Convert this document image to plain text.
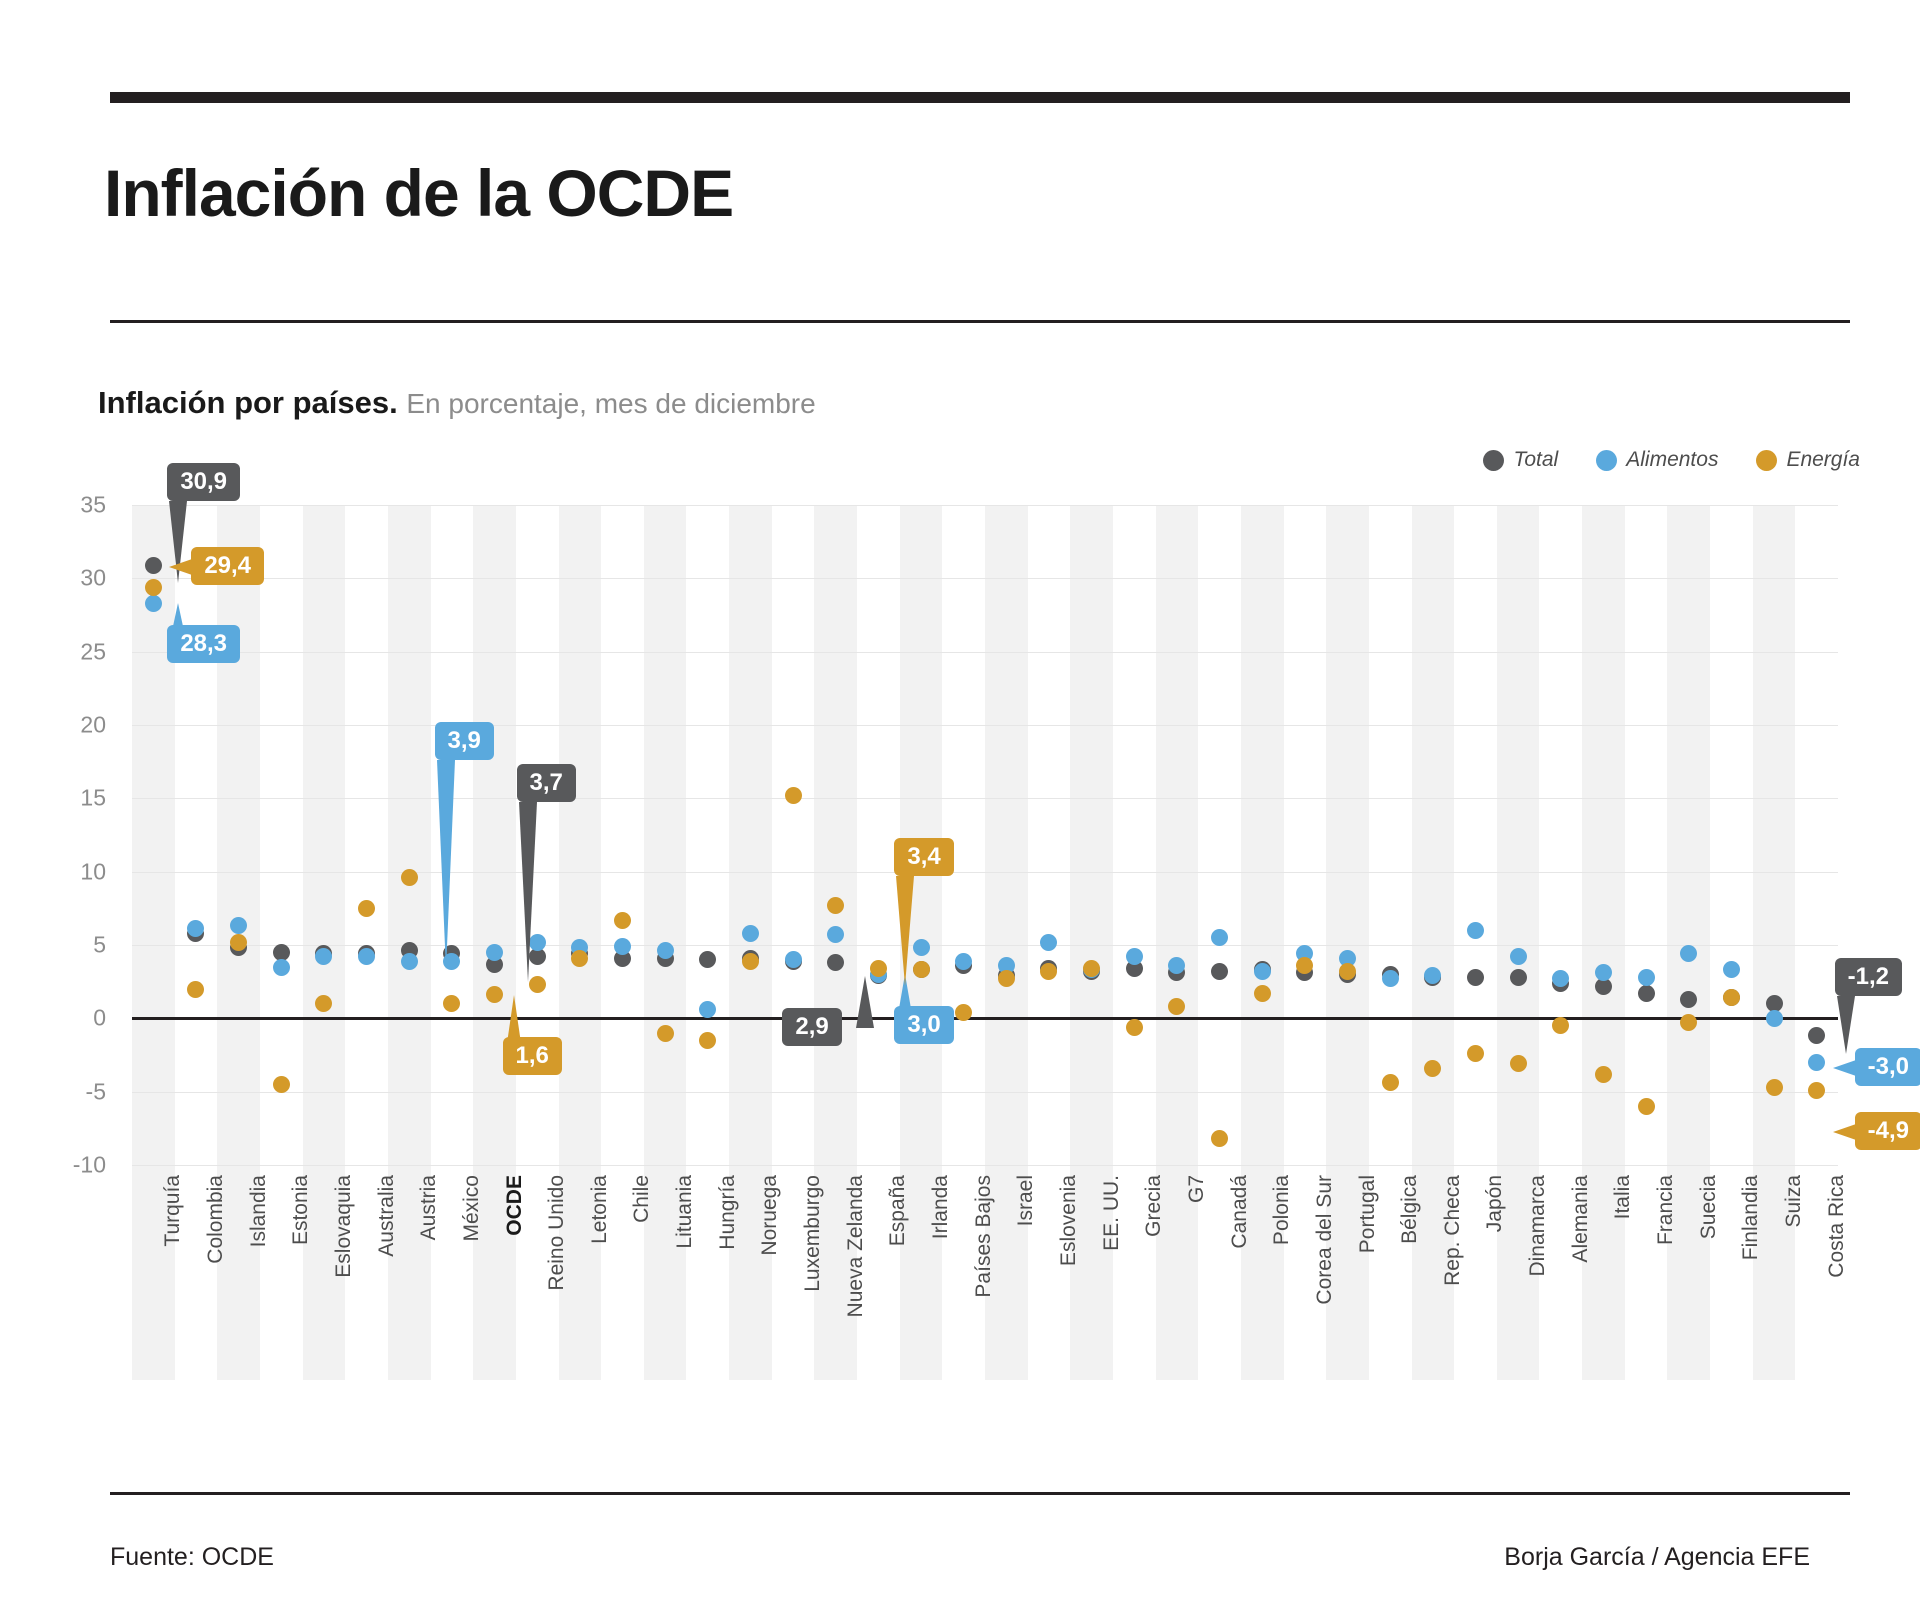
Inflación de la OCDE
Inflación por países. En porcentaje, mes de diciembre
Total	Alimentos	Energía
-10
-5
0
5
10
15
20
25
30
35
30,9
29,4
28,3
3,9
3,7
1,6
2,9	3,0
3,4
-1,2
-3,0
-4,9
Turquía Colombia Islandia Estonia Eslovaquia Australia Austria México OCDE Reino Unido Letonia Chile Lituania Hungría Noruega Luxemburgo Nueva Zelanda España Irlanda Países Bajos Israel Eslovenia EE. UU. Grecia G7 Canadá Polonia Corea del Sur Portugal Bélgica Rep. Checa Japón Dinamarca Alemania Italia Francia Suecia Finlandia Suiza Costa Rica
Fuente: OCDE	Borja García / Agencia EFE
